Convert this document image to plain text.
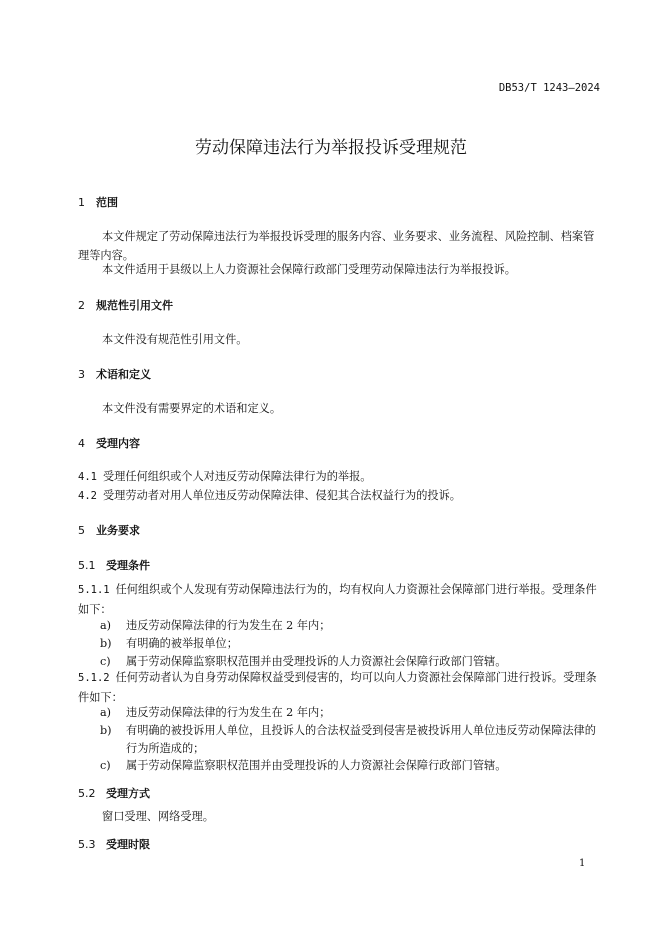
DB53/T 1243—2024
劳动保障违法行为举报投诉受理规范
1 范围
本文件规定了劳动保障违法行为举报投诉受理的服务内容、业务要求、业务流程、风险控制、档案管理等内容。
本文件适用于县级以上人力资源社会保障行政部门受理劳动保障违法行为举报投诉。
2 规范性引用文件
本文件没有规范性引用文件。
3 术语和定义
本文件没有需要界定的术语和定义。
4 受理内容
4.1 受理任何组织或个人对违反劳动保障法律行为的举报。
4.2 受理劳动者对用人单位违反劳动保障法律、侵犯其合法权益行为的投诉。
5 业务要求
5.1 受理条件
5.1.1 任何组织或个人发现有劳动保障违法行为的，均有权向人力资源社会保障部门进行举报。受理条件如下：
a) 违反劳动保障法律的行为发生在 2 年内；
b) 有明确的被举报单位；
c) 属于劳动保障监察职权范围并由受理投诉的人力资源社会保障行政部门管辖。
5.1.2 任何劳动者认为自身劳动保障权益受到侵害的，均可以向人力资源社会保障部门进行投诉。受理条件如下：
a) 违反劳动保障法律的行为发生在 2 年内；
b) 有明确的被投诉用人单位，且投诉人的合法权益受到侵害是被投诉用人单位违反劳动保障法律的行为所造成的；
c) 属于劳动保障监察职权范围并由受理投诉的人力资源社会保障行政部门管辖。
5.2 受理方式
窗口受理、网络受理。
5.3 受理时限
1
